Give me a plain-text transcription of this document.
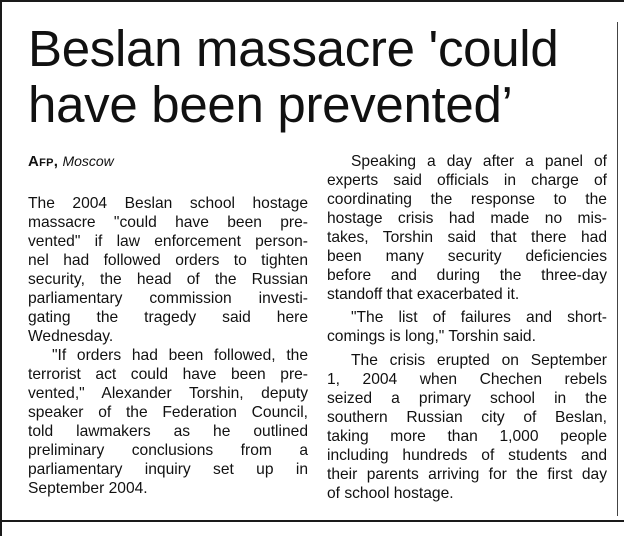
Beslan massacre 'could
have been prevented’
Afp, Moscow
The 2004 Beslan school hostage
massacre "could have been pre-
vented" if law enforcement person-
nel had followed orders to tighten
security, the head of the Russian
parliamentary commission investi-
gating the tragedy said here
Wednesday.
"If orders had been followed, the
terrorist act could have been pre-
vented," Alexander Torshin, deputy
speaker of the Federation Council,
told lawmakers as he outlined
preliminary conclusions from a
parliamentary inquiry set up in
September 2004.
Speaking a day after a panel of
experts said officials in charge of
coordinating the response to the
hostage crisis had made no mis-
takes, Torshin said that there had
been many security deficiencies
before and during the three-day
standoff that exacerbated it.
"The list of failures and short-
comings is long," Torshin said.
The crisis erupted on September
1, 2004 when Chechen rebels
seized a primary school in the
southern Russian city of Beslan,
taking more than 1,000 people
including hundreds of students and
their parents arriving for the first day
of school hostage.
